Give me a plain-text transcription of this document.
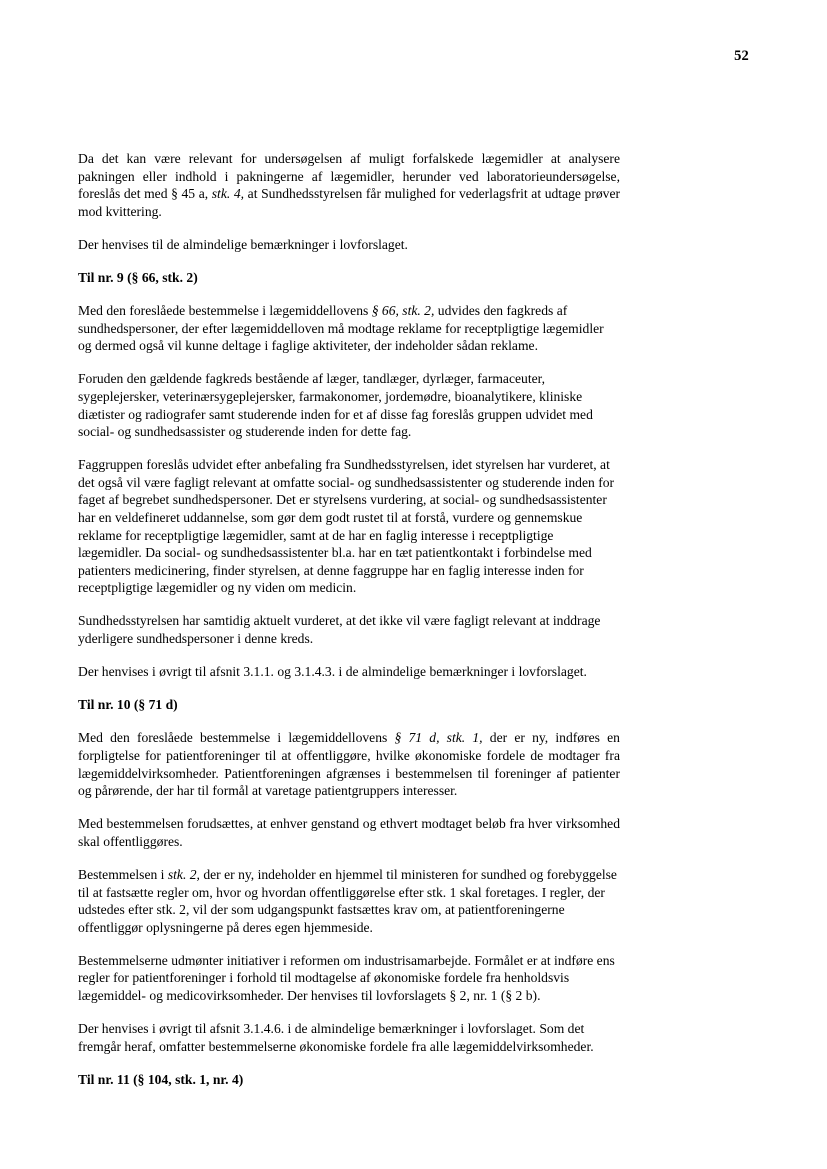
52

Da det kan være relevant for undersøgelsen af muligt forfalskede lægemidler at analysere pakningen eller indhold i pakningerne af lægemidler, herunder ved laboratorieundersøgelse, foreslås det med § 45 a, stk. 4, at Sundhedsstyrelsen får mulighed for vederlagsfrit at udtage prøver mod kvittering.

Der henvises til de almindelige bemærkninger i lovforslaget.

Til nr. 9 (§ 66, stk. 2)

Med den foreslåede bestemmelse i lægemiddellovens § 66, stk. 2, udvides den fagkreds af sundhedspersoner, der efter lægemiddelloven må modtage reklame for receptpligtige lægemidler og dermed også vil kunne deltage i faglige aktiviteter, der indeholder sådan reklame.

Foruden den gældende fagkreds bestående af læger, tandlæger, dyrlæger, farmaceuter, sygeplejersker, veterinærsygeplejersker, farmakonomer, jordemødre, bioanalytikere, kliniske diætister og radiografer samt studerende inden for et af disse fag foreslås gruppen udvidet med social- og sundhedsassister og studerende inden for dette fag.

Faggruppen foreslås udvidet efter anbefaling fra Sundhedsstyrelsen, idet styrelsen har vurderet, at det også vil være fagligt relevant at omfatte social- og sundhedsassistenter og studerende inden for faget af begrebet sundhedspersoner. Det er styrelsens vurdering, at social- og sundhedsassistenter har en veldefineret uddannelse, som gør dem godt rustet til at forstå, vurdere og gennemskue reklame for receptpligtige lægemidler, samt at de har en faglig interesse i receptpligtige lægemidler. Da social- og sundhedsassistenter bl.a. har en tæt patientkontakt i forbindelse med patienters medicinering, finder styrelsen, at denne faggruppe har en faglig interesse inden for receptpligtige lægemidler og ny viden om medicin.

Sundhedsstyrelsen har samtidig aktuelt vurderet, at det ikke vil være fagligt relevant at inddrage yderligere sundhedspersoner i denne kreds.

Der henvises i øvrigt til afsnit 3.1.1. og 3.1.4.3. i de almindelige bemærkninger i lovforslaget.

Til nr. 10 (§ 71 d)

Med den foreslåede bestemmelse i lægemiddellovens § 71 d, stk. 1, der er ny, indføres en forpligtelse for patientforeninger til at offentliggøre, hvilke økonomiske fordele de modtager fra lægemiddelvirksomheder. Patientforeningen afgrænses i bestemmelsen til foreninger af patienter og pårørende, der har til formål at varetage patientgruppers interesser.

Med bestemmelsen forudsættes, at enhver genstand og ethvert modtaget beløb fra hver virksomhed skal offentliggøres.

Bestemmelsen i stk. 2, der er ny, indeholder en hjemmel til ministeren for sundhed og forebyggelse til at fastsætte regler om, hvor og hvordan offentliggørelse efter stk. 1 skal foretages. I regler, der udstedes efter stk. 2, vil der som udgangspunkt fastsættes krav om, at patientforeningerne offentliggør oplysningerne på deres egen hjemmeside.

Bestemmelserne udmønter initiativer i reformen om industrisamarbejde. Formålet er at indføre ens regler for patientforeninger i forhold til modtagelse af økonomiske fordele fra henholdsvis lægemiddel- og medicovirksomheder. Der henvises til lovforslagets § 2, nr. 1 (§ 2 b).

Der henvises i øvrigt til afsnit 3.1.4.6. i de almindelige bemærkninger i lovforslaget. Som det fremgår heraf, omfatter bestemmelserne økonomiske fordele fra alle lægemiddelvirksomheder.

Til nr. 11 (§ 104, stk. 1, nr. 4)
